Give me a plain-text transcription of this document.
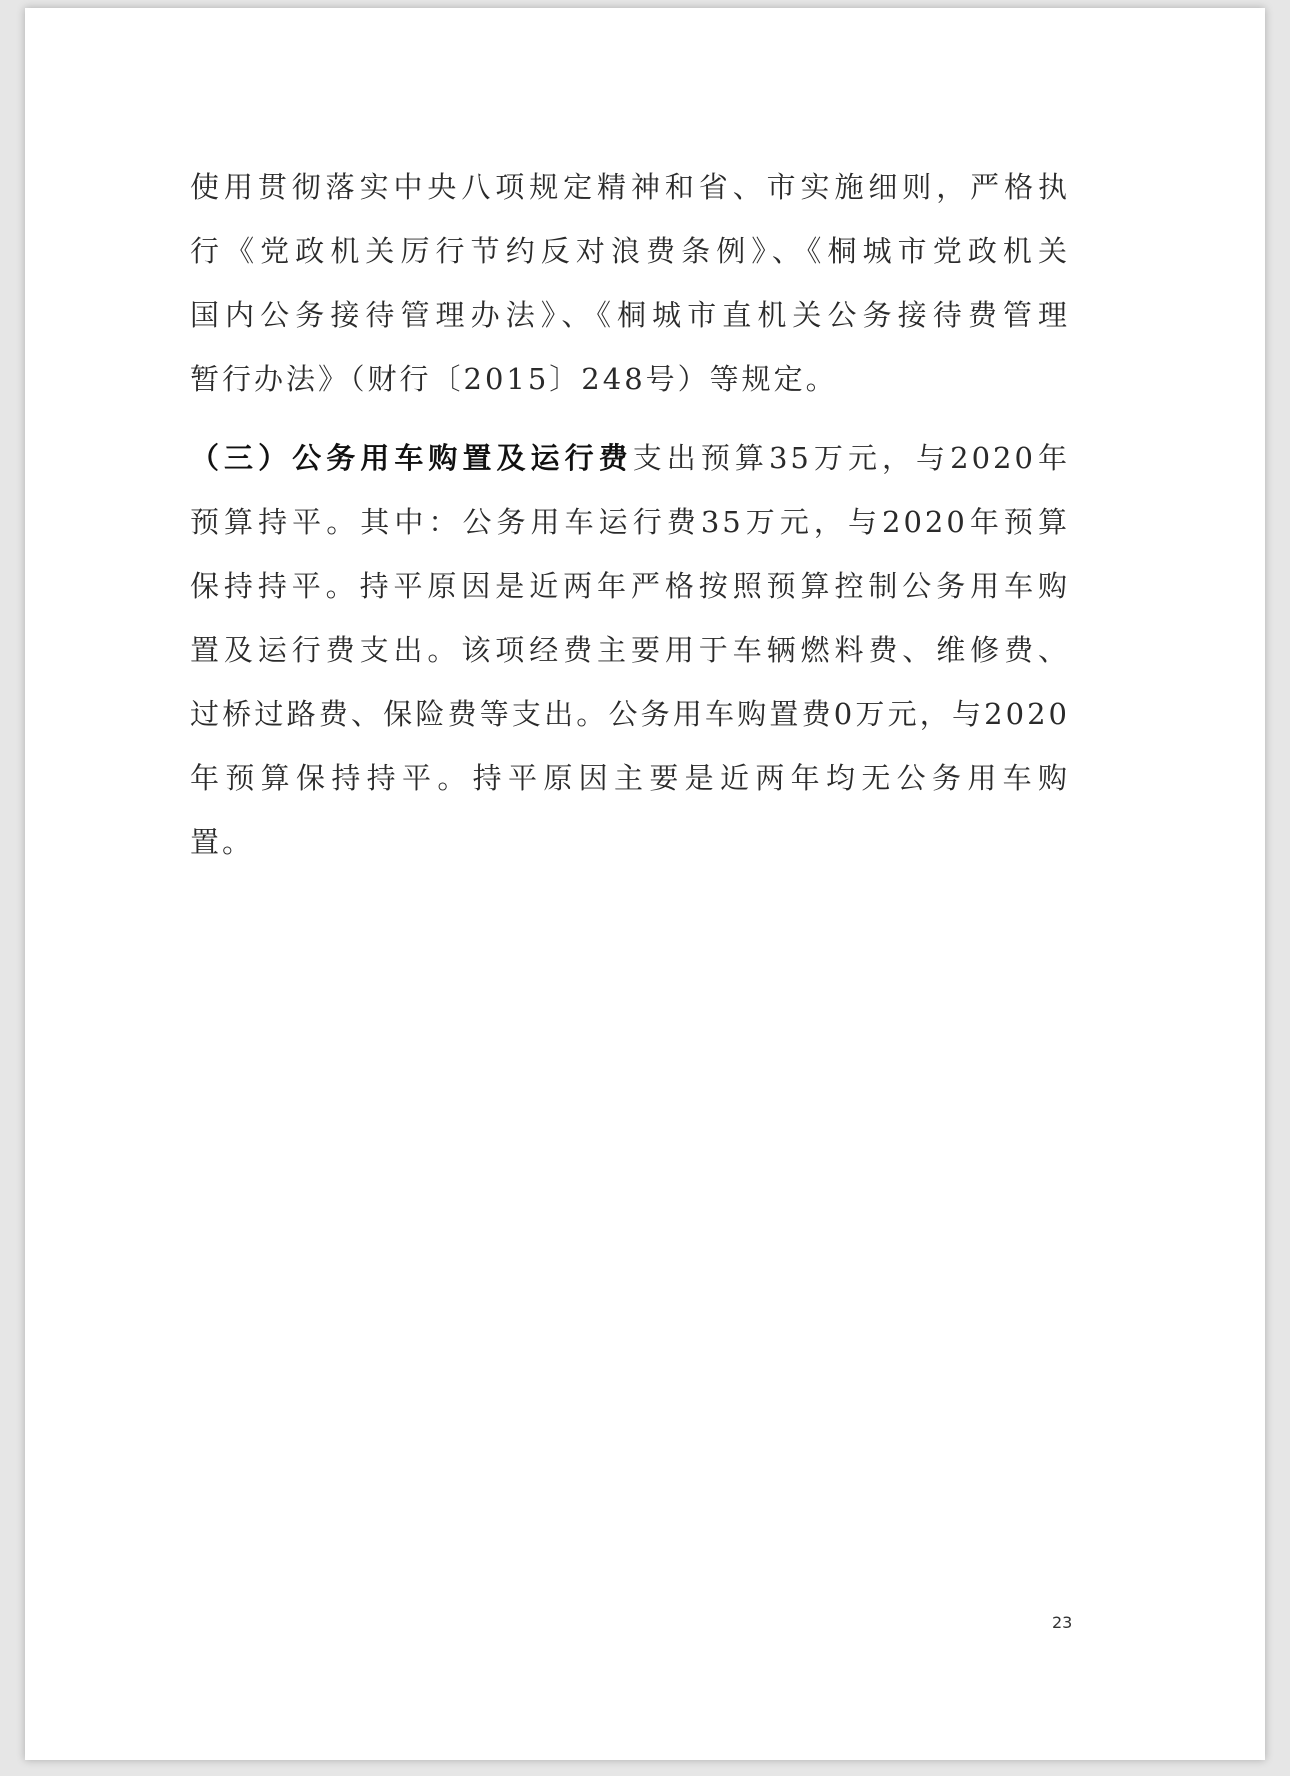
使用贯彻落实中央八项规定精神和省、市实施细则，严格执
行《党政机关厉行节约反对浪费条例》、《桐城市党政机关
国内公务接待管理办法》、《桐城市直机关公务接待费管理
暂行办法》（财行〔2015〕248号）等规定。
（三）公务用车购置及运行费支出预算35万元，与2020年
预算持平。其中：公务用车运行费35万元，与2020年预算
保持持平。持平原因是近两年严格按照预算控制公务用车购
置及运行费支出。该项经费主要用于车辆燃料费、维修费、
过桥过路费、保险费等支出。公务用车购置费0万元，与2020
年预算保持持平。持平原因主要是近两年均无公务用车购
置。
23
